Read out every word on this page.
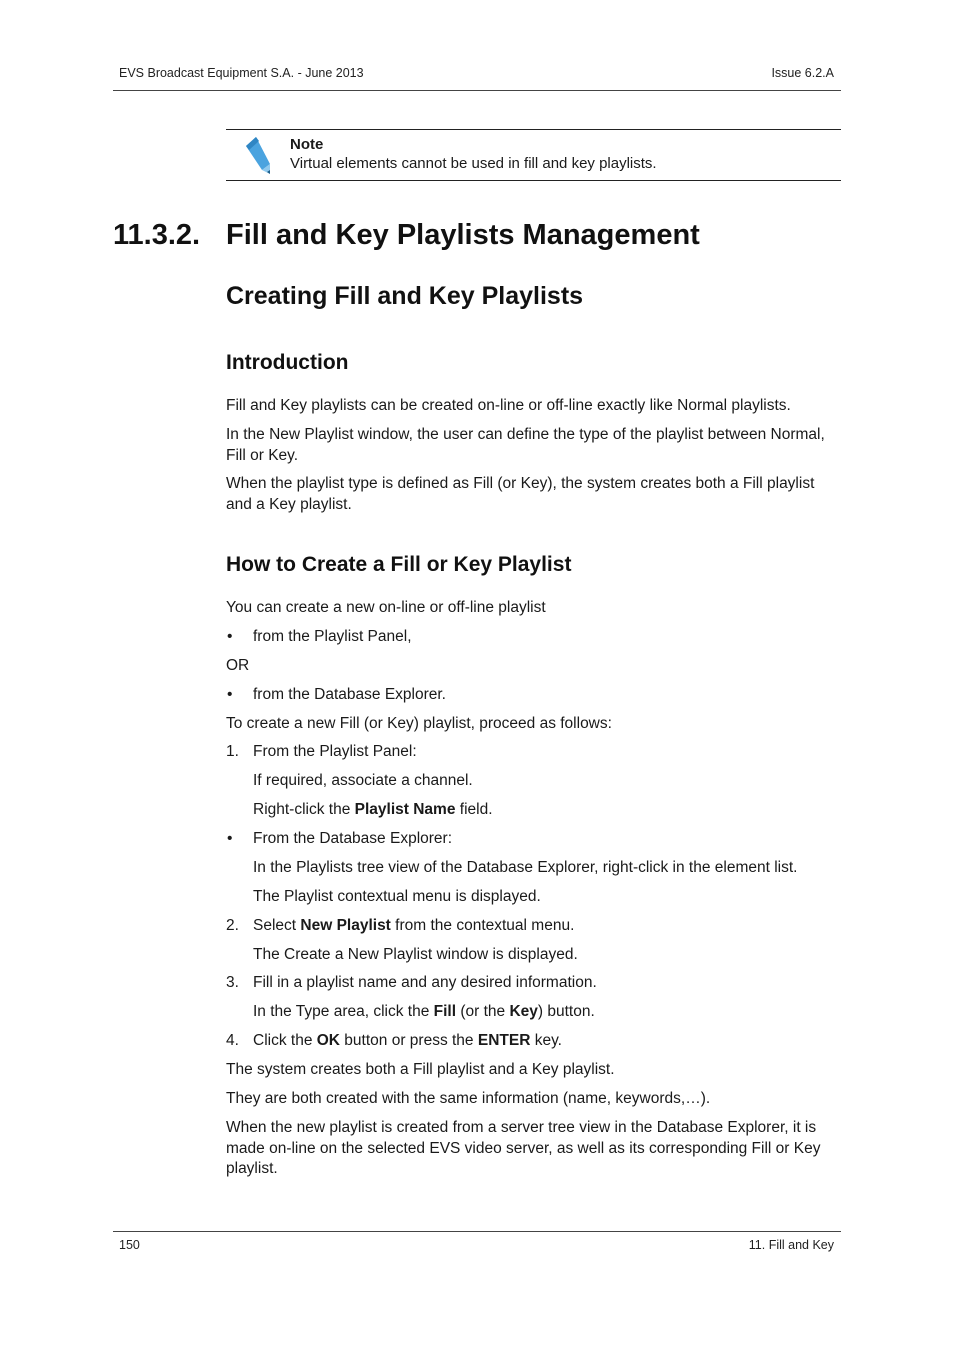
EVS Broadcast Equipment S.A. - June 2013	Issue 6.2.A
Note
Virtual elements cannot be used in fill and key playlists.
11.3.2. Fill and Key Playlists Management
Creating Fill and Key Playlists
Introduction
Fill and Key playlists can be created on-line or off-line exactly like Normal playlists.
In the New Playlist window, the user can define the type of the playlist between Normal, Fill or Key.
When the playlist type is defined as Fill (or Key), the system creates both a Fill playlist and a Key playlist.
How to Create a Fill or Key Playlist
You can create a new on-line or off-line playlist
• from the Playlist Panel,
OR
• from the Database Explorer.
To create a new Fill (or Key) playlist, proceed as follows:
1. From the Playlist Panel:
If required, associate a channel.
Right-click the Playlist Name field.
• From the Database Explorer:
In the Playlists tree view of the Database Explorer, right-click in the element list.
The Playlist contextual menu is displayed.
2. Select New Playlist from the contextual menu.
The Create a New Playlist window is displayed.
3. Fill in a playlist name and any desired information.
In the Type area, click the Fill (or the Key) button.
4. Click the OK button or press the ENTER key.
The system creates both a Fill playlist and a Key playlist.
They are both created with the same information (name, keywords,…).
When the new playlist is created from a server tree view in the Database Explorer, it is made on-line on the selected EVS video server, as well as its corresponding Fill or Key playlist.
150	11. Fill and Key
